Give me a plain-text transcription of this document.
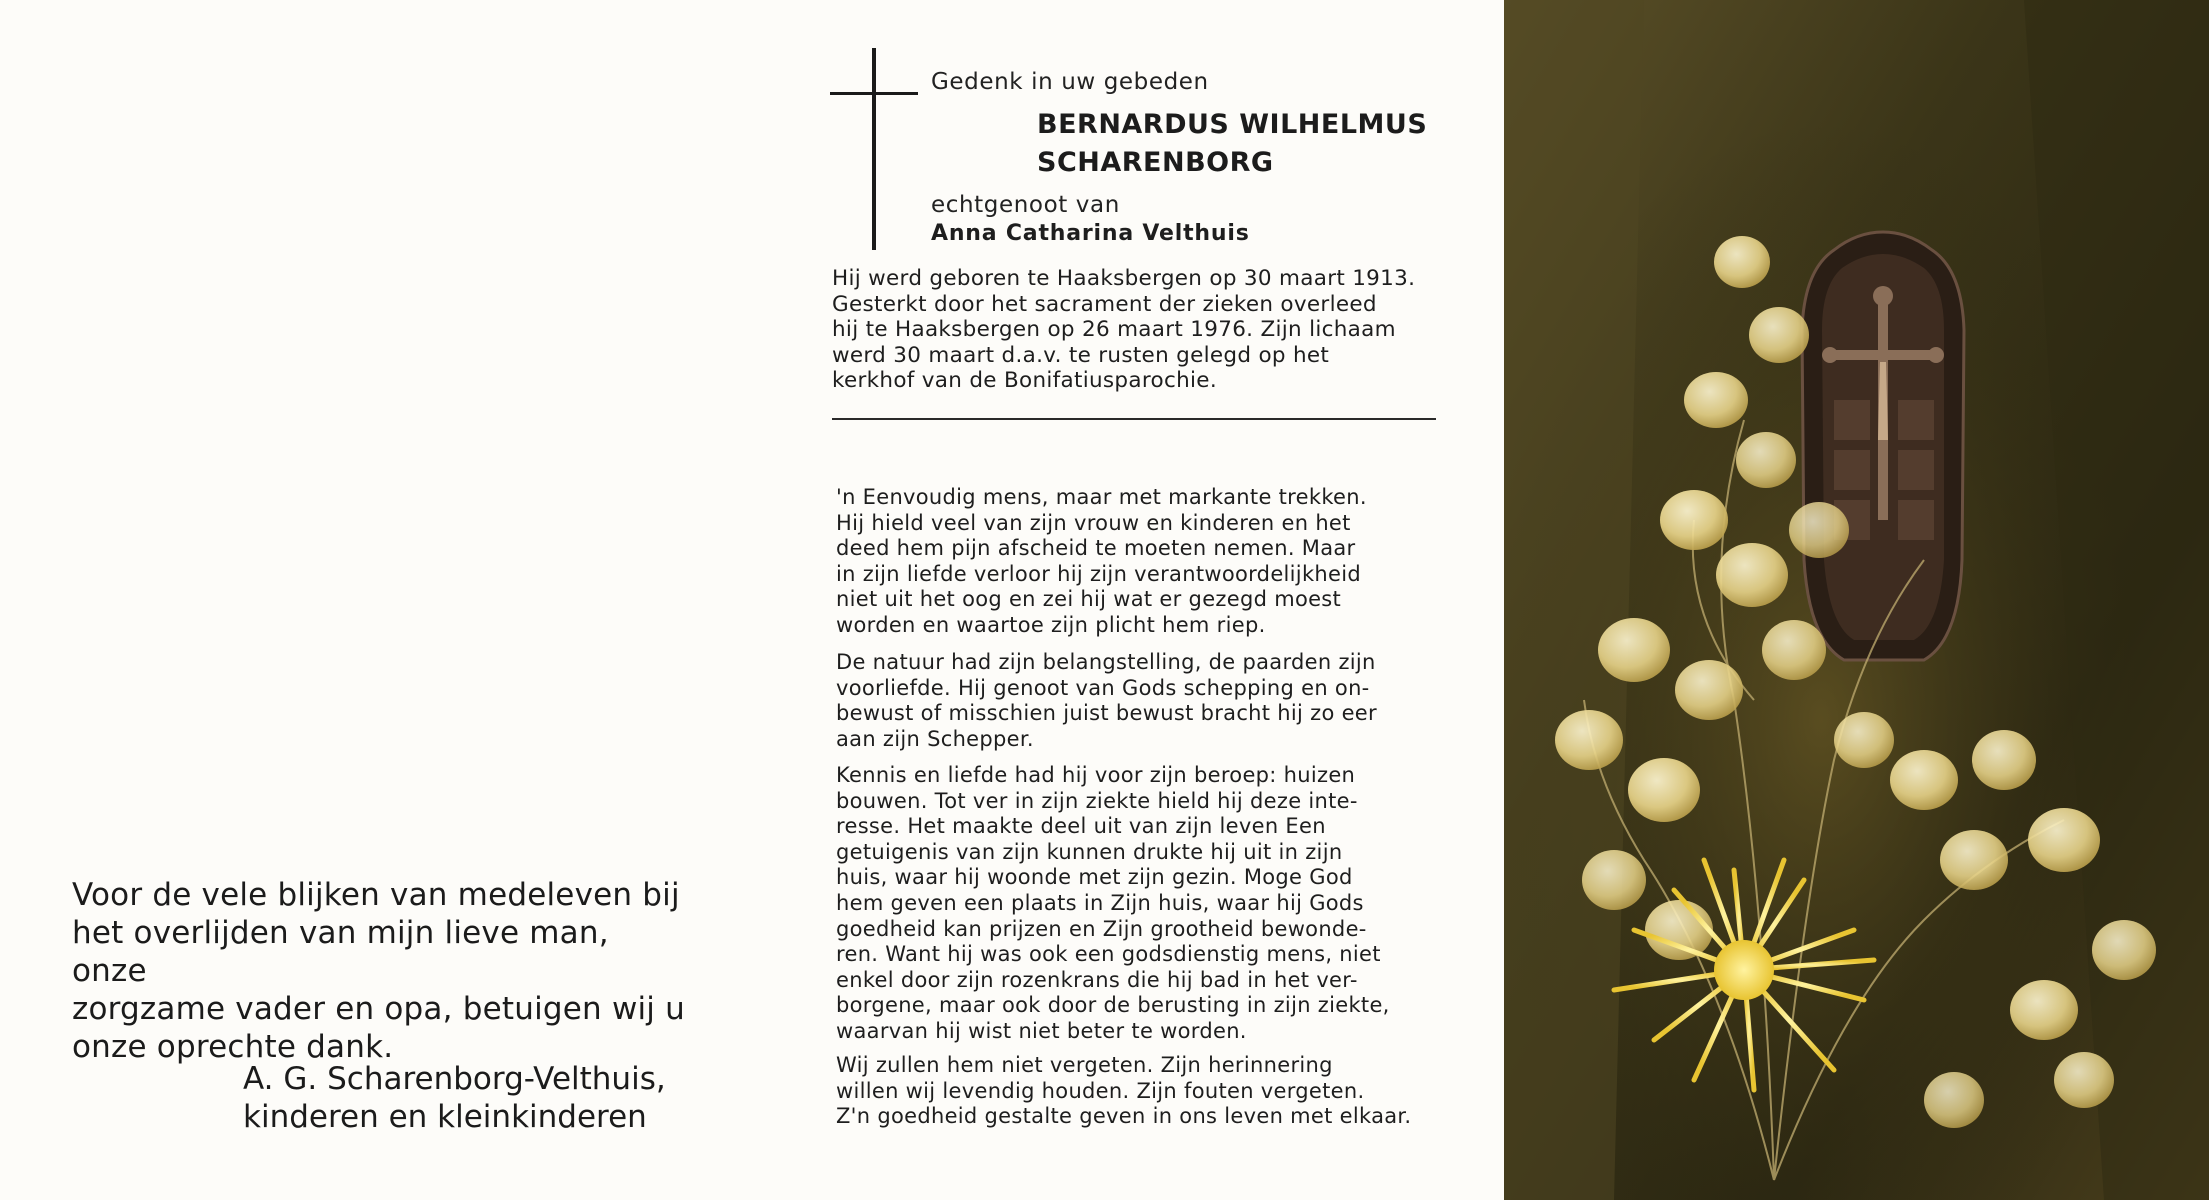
Voor de vele blijken van medeleven bij
het overlijden van mijn lieve man, onze
zorgzame vader en opa, betuigen wij u
onze oprechte dank.
A. G. Scharenborg-Velthuis,
kinderen en kleinkinderen
Gedenk in uw gebeden
BERNARDUS WILHELMUS
SCHARENBORG
echtgenoot van
Anna Catharina Velthuis
Hij werd geboren te Haaksbergen op 30 maart 1913.
Gesterkt door het sacrament der zieken overleed
hij te Haaksbergen op 26 maart 1976. Zijn lichaam
werd 30 maart d.a.v. te rusten gelegd op het
kerkhof van de Bonifatiusparochie.
'n Eenvoudig mens, maar met markante trekken.
Hij hield veel van zijn vrouw en kinderen en het
deed hem pijn afscheid te moeten nemen. Maar
in zijn liefde verloor hij zijn verantwoordelijkheid
niet uit het oog en zei hij wat er gezegd moest
worden en waartoe zijn plicht hem riep.
De natuur had zijn belangstelling, de paarden zijn
voorliefde. Hij genoot van Gods schepping en on-
bewust of misschien juist bewust bracht hij zo eer
aan zijn Schepper.
Kennis en liefde had hij voor zijn beroep: huizen
bouwen. Tot ver in zijn ziekte hield hij deze inte-
resse. Het maakte deel uit van zijn leven Een
getuigenis van zijn kunnen drukte hij uit in zijn
huis, waar hij woonde met zijn gezin. Moge God
hem geven een plaats in Zijn huis, waar hij Gods
goedheid kan prijzen en Zijn grootheid bewonde-
ren. Want hij was ook een godsdienstig mens, niet
enkel door zijn rozenkrans die hij bad in het ver-
borgene, maar ook door de berusting in zijn ziekte,
waarvan hij wist niet beter te worden.
Wij zullen hem niet vergeten. Zijn herinnering
willen wij levendig houden. Zijn fouten vergeten.
Z'n goedheid gestalte geven in ons leven met elkaar.
